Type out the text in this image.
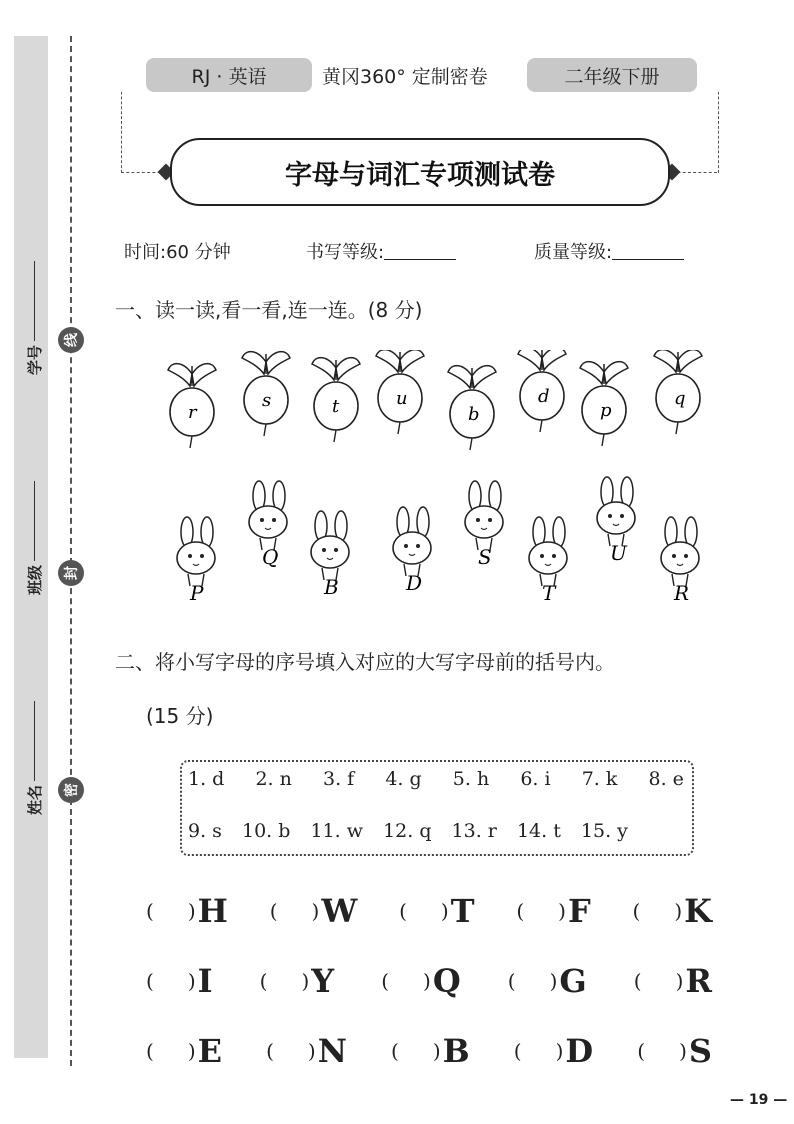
学号
班级
姓名
线
封
密
RJ · 英语	黄冈360° 定制密卷	二年级下册
字母与词汇专项测试卷
时间:60 分钟	书写等级:	质量等级:
一、读一读,看一看,连一连。(8 分)
r
s	t	u
b
d
p
q
P
Q
B	D
S
T
U
R
二、将小写字母的序号填入对应的大写字母前的括号内。
(15 分)
1. d 2. n 3. f 4. g 5. h 6. i 7. k 8. e
9. s 10. b 11. w 12. q 13. r 14. t 15. y
( ) H ( ) W ( ) T ( ) F ( ) K
( ) I ( ) Y ( ) Q ( ) G ( ) R
( ) E ( ) N ( ) B ( ) D ( ) S
— 19 —
